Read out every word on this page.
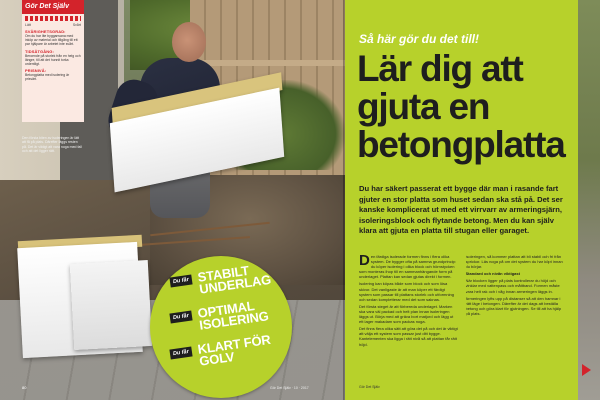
Gör Det Själv
Lätt	Svårt
SVÅRIGHETSGRAD:
Om du har lite bygganvana med inköp av material och tillgång till ett par hjälpare är arbetet inte svårt.
TIDSÅTGÅNG:
Beroende på storlek från en helg och längre, till att det hunnit torka ordentligt.
PRISNIVÅ:
Betongplatta med isolering är prisvärt.
Den första biten av isoleringen är lätt att få på plats. Därefter läggs resten på. Det är viktigt att vara noga med fall och att det ligger rätt.
Du får STABILT
UNDERLAG
Du får OPTIMAL
ISOLERING
Du får KLART FÖR
GOLV
80	Gör Det Själv · 10 · 2017
Så här gör du det till!
Lär dig att gjuta en betongplatta

Du har säkert passerat ett bygge där man i rasande fart gjuter en stor platta som huset sedan ska stå på. Det ser kanske komplicerat ut med ett virrvarr av armeringsjärn, isoleringsblock och flytande betong. Men du kan själv klara att gjuta en platta till stugan eller garaget.

Den färdiga isolerade formen finns i flera olika system. De bygger ofta på samma grundprincip: du köper isolering i olika block och hörnstycken som monteras ihop till en sammanhängande form på underlaget. Plattan kan sedan gjutas direkt i formen.

Isolering kan köpas både som block och som lösa skivor. Det vanligaste är att man köper ett färdigt system som passar till plattans storlek och utformning och sedan kompletterar med det som saknas.

Det första steget är att förbereda underlaget. Marken ska vara väl packad och helt plan innan isoleringen läggs ut. Börja med att gräva bort matjord och lägg ut ett lager makadam som packas noga.

Det finns flera olika sätt att göra det på och det är viktigt att välja ett system som passar just ditt bygge. Kantelementen ska ligga i rätt nivå så att plattan får rätt höjd.

isoleringen, så kommer plattan att bli stabil och fri från sprickor. Läs noga på om det system du har köpt innan du börjar.

Standard och nivån viktigast

När blocken ligger på plats kontrollerar du höjd och vinklar med vattenpass och måttband. Formen måste vara helt rak och i våg innan armeringen läggs in.

Armeringen lyfts upp på distanser så att den hamnar i rätt läge i betongen. Därefter är det dags att beställa betong och göra klart för gjutningen. Se till att ha hjälp på plats.

Gör Det Själv
